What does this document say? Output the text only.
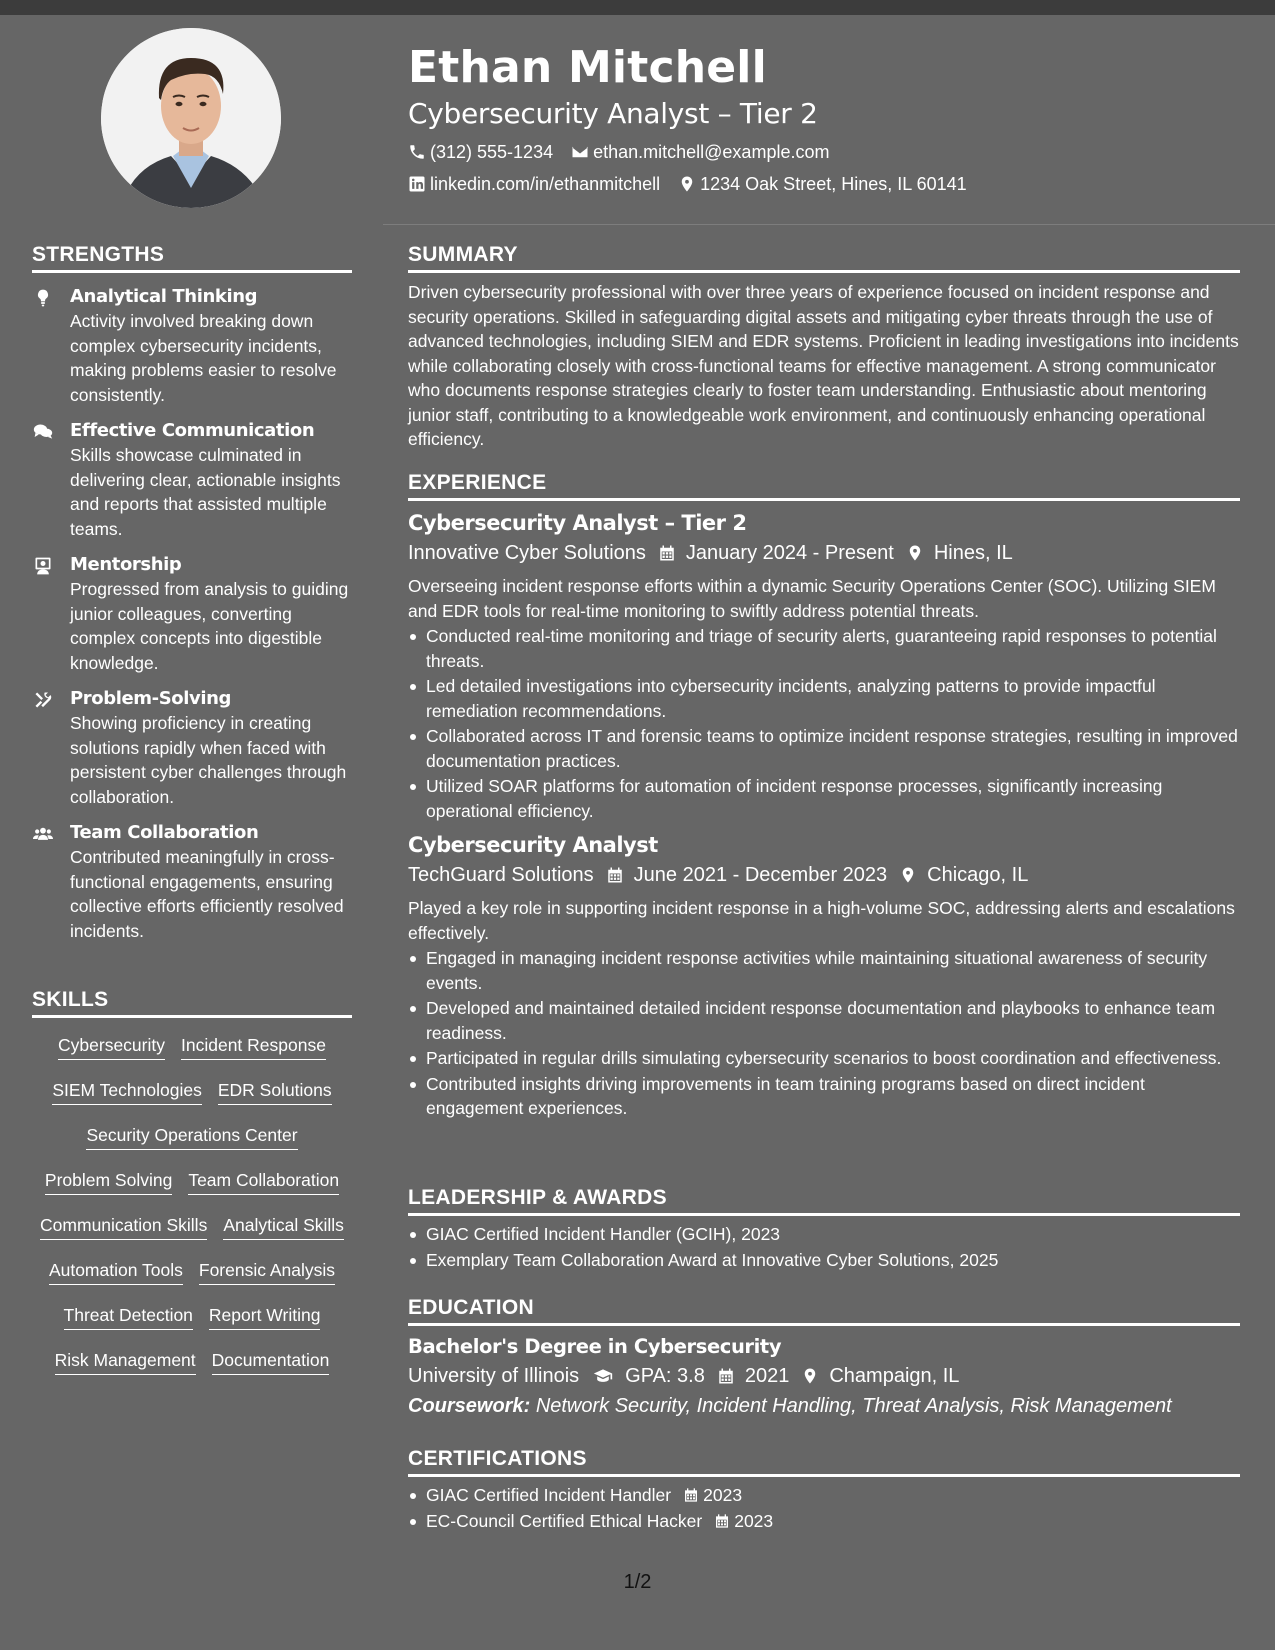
Ethan Mitchell
Cybersecurity Analyst – Tier 2
(312) 555-1234 ethan.mitchell@example.com
linkedin.com/in/ethanmitchell 1234 Oak Street, Hines, IL 60141
STRENGTHS
Analytical Thinking
Activity involved breaking down complex cybersecurity incidents, making problems easier to resolve consistently.
Effective Communication
Skills showcase culminated in delivering clear, actionable insights and reports that assisted multiple teams.
Mentorship
Progressed from analysis to guiding junior colleagues, converting complex concepts into digestible knowledge.
Problem-Solving
Showing proficiency in creating solutions rapidly when faced with persistent cyber challenges through collaboration.
Team Collaboration
Contributed meaningfully in cross-functional engagements, ensuring collective efforts efficiently resolved incidents.
SKILLS
Cybersecurity Incident Response
SIEM Technologies EDR Solutions
Security Operations Center
Problem Solving Team Collaboration
Communication Skills Analytical Skills
Automation Tools Forensic Analysis
Threat Detection Report Writing
Risk Management Documentation
SUMMARY
Driven cybersecurity professional with over three years of experience focused on incident response and security operations. Skilled in safeguarding digital assets and mitigating cyber threats through the use of advanced technologies, including SIEM and EDR systems. Proficient in leading investigations into incidents while collaborating closely with cross-functional teams for effective management. A strong communicator who documents response strategies clearly to foster team understanding. Enthusiastic about mentoring junior staff, contributing to a knowledgeable work environment, and continuously enhancing operational efficiency.
EXPERIENCE
Cybersecurity Analyst – Tier 2
Innovative Cyber Solutions January 2024 - Present Hines, IL
Overseeing incident response efforts within a dynamic Security Operations Center (SOC). Utilizing SIEM and EDR tools for real-time monitoring to swiftly address potential threats.
Conducted real-time monitoring and triage of security alerts, guaranteeing rapid responses to potential threats.
Led detailed investigations into cybersecurity incidents, analyzing patterns to provide impactful remediation recommendations.
Collaborated across IT and forensic teams to optimize incident response strategies, resulting in improved documentation practices.
Utilized SOAR platforms for automation of incident response processes, significantly increasing operational efficiency.
Cybersecurity Analyst
TechGuard Solutions June 2021 - December 2023 Chicago, IL
Played a key role in supporting incident response in a high-volume SOC, addressing alerts and escalations effectively.
Engaged in managing incident response activities while maintaining situational awareness of security events.
Developed and maintained detailed incident response documentation and playbooks to enhance team readiness.
Participated in regular drills simulating cybersecurity scenarios to boost coordination and effectiveness.
Contributed insights driving improvements in team training programs based on direct incident engagement experiences.
LEADERSHIP & AWARDS
GIAC Certified Incident Handler (GCIH), 2023
Exemplary Team Collaboration Award at Innovative Cyber Solutions, 2025
EDUCATION
Bachelor's Degree in Cybersecurity
University of Illinois GPA: 3.8 2021 Champaign, IL
Coursework: Network Security, Incident Handling, Threat Analysis, Risk Management
CERTIFICATIONS
GIAC Certified Incident Handler 2023
EC-Council Certified Ethical Hacker 2023
1/2
